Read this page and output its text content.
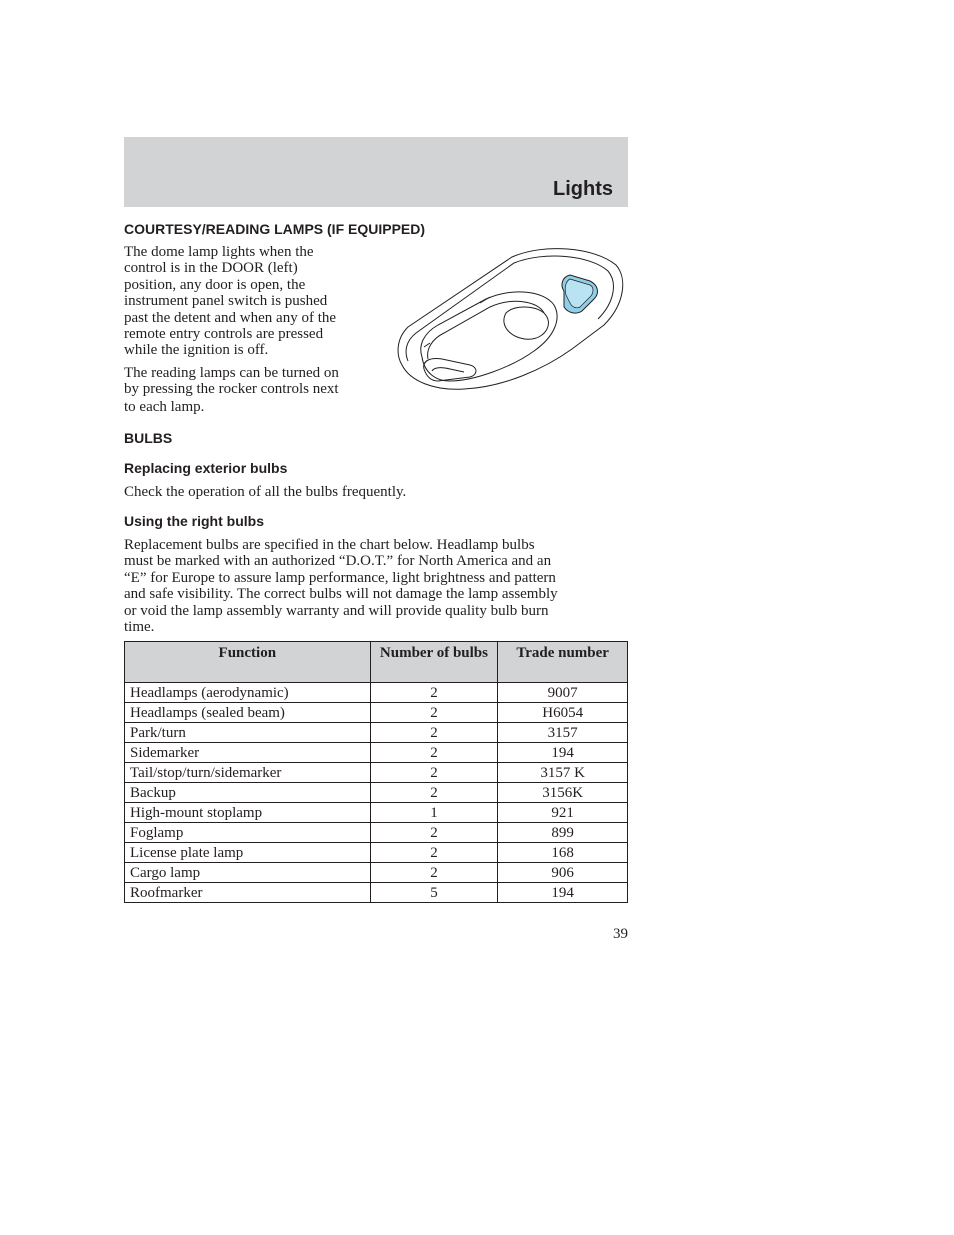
Lights
COURTESY/READING LAMPS (IF EQUIPPED)
The dome lamp lights when the
control is in the DOOR (left)
position, any door is open, the
instrument panel switch is pushed
past the detent and when any of the
remote entry controls are pressed
while the ignition is off.
The reading lamps can be turned on
by pressing the rocker controls next
to each lamp.
BULBS
Replacing exterior bulbs

Check the operation of all the bulbs frequently.

Using the right bulbs
Replacement bulbs are specified in the chart below. Headlamp bulbs
must be marked with an authorized “D.O.T.” for North America and an
“E” for Europe to assure lamp performance, light brightness and pattern
and safe visibility. The correct bulbs will not damage the lamp assembly
or void the lamp assembly warranty and will provide quality bulb burn
time.
Function	Number of bulbs	Trade number
Headlamps (aerodynamic)	2	9007
Headlamps (sealed beam)	2	H6054
Park/turn	2	3157
Sidemarker	2	194
Tail/stop/turn/sidemarker	2	3157 K
Backup	2	3156K
High-mount stoplamp	1	921
Foglamp	2	899
License plate lamp	2	168
Cargo lamp	2	906
Roofmarker	5	194
39
